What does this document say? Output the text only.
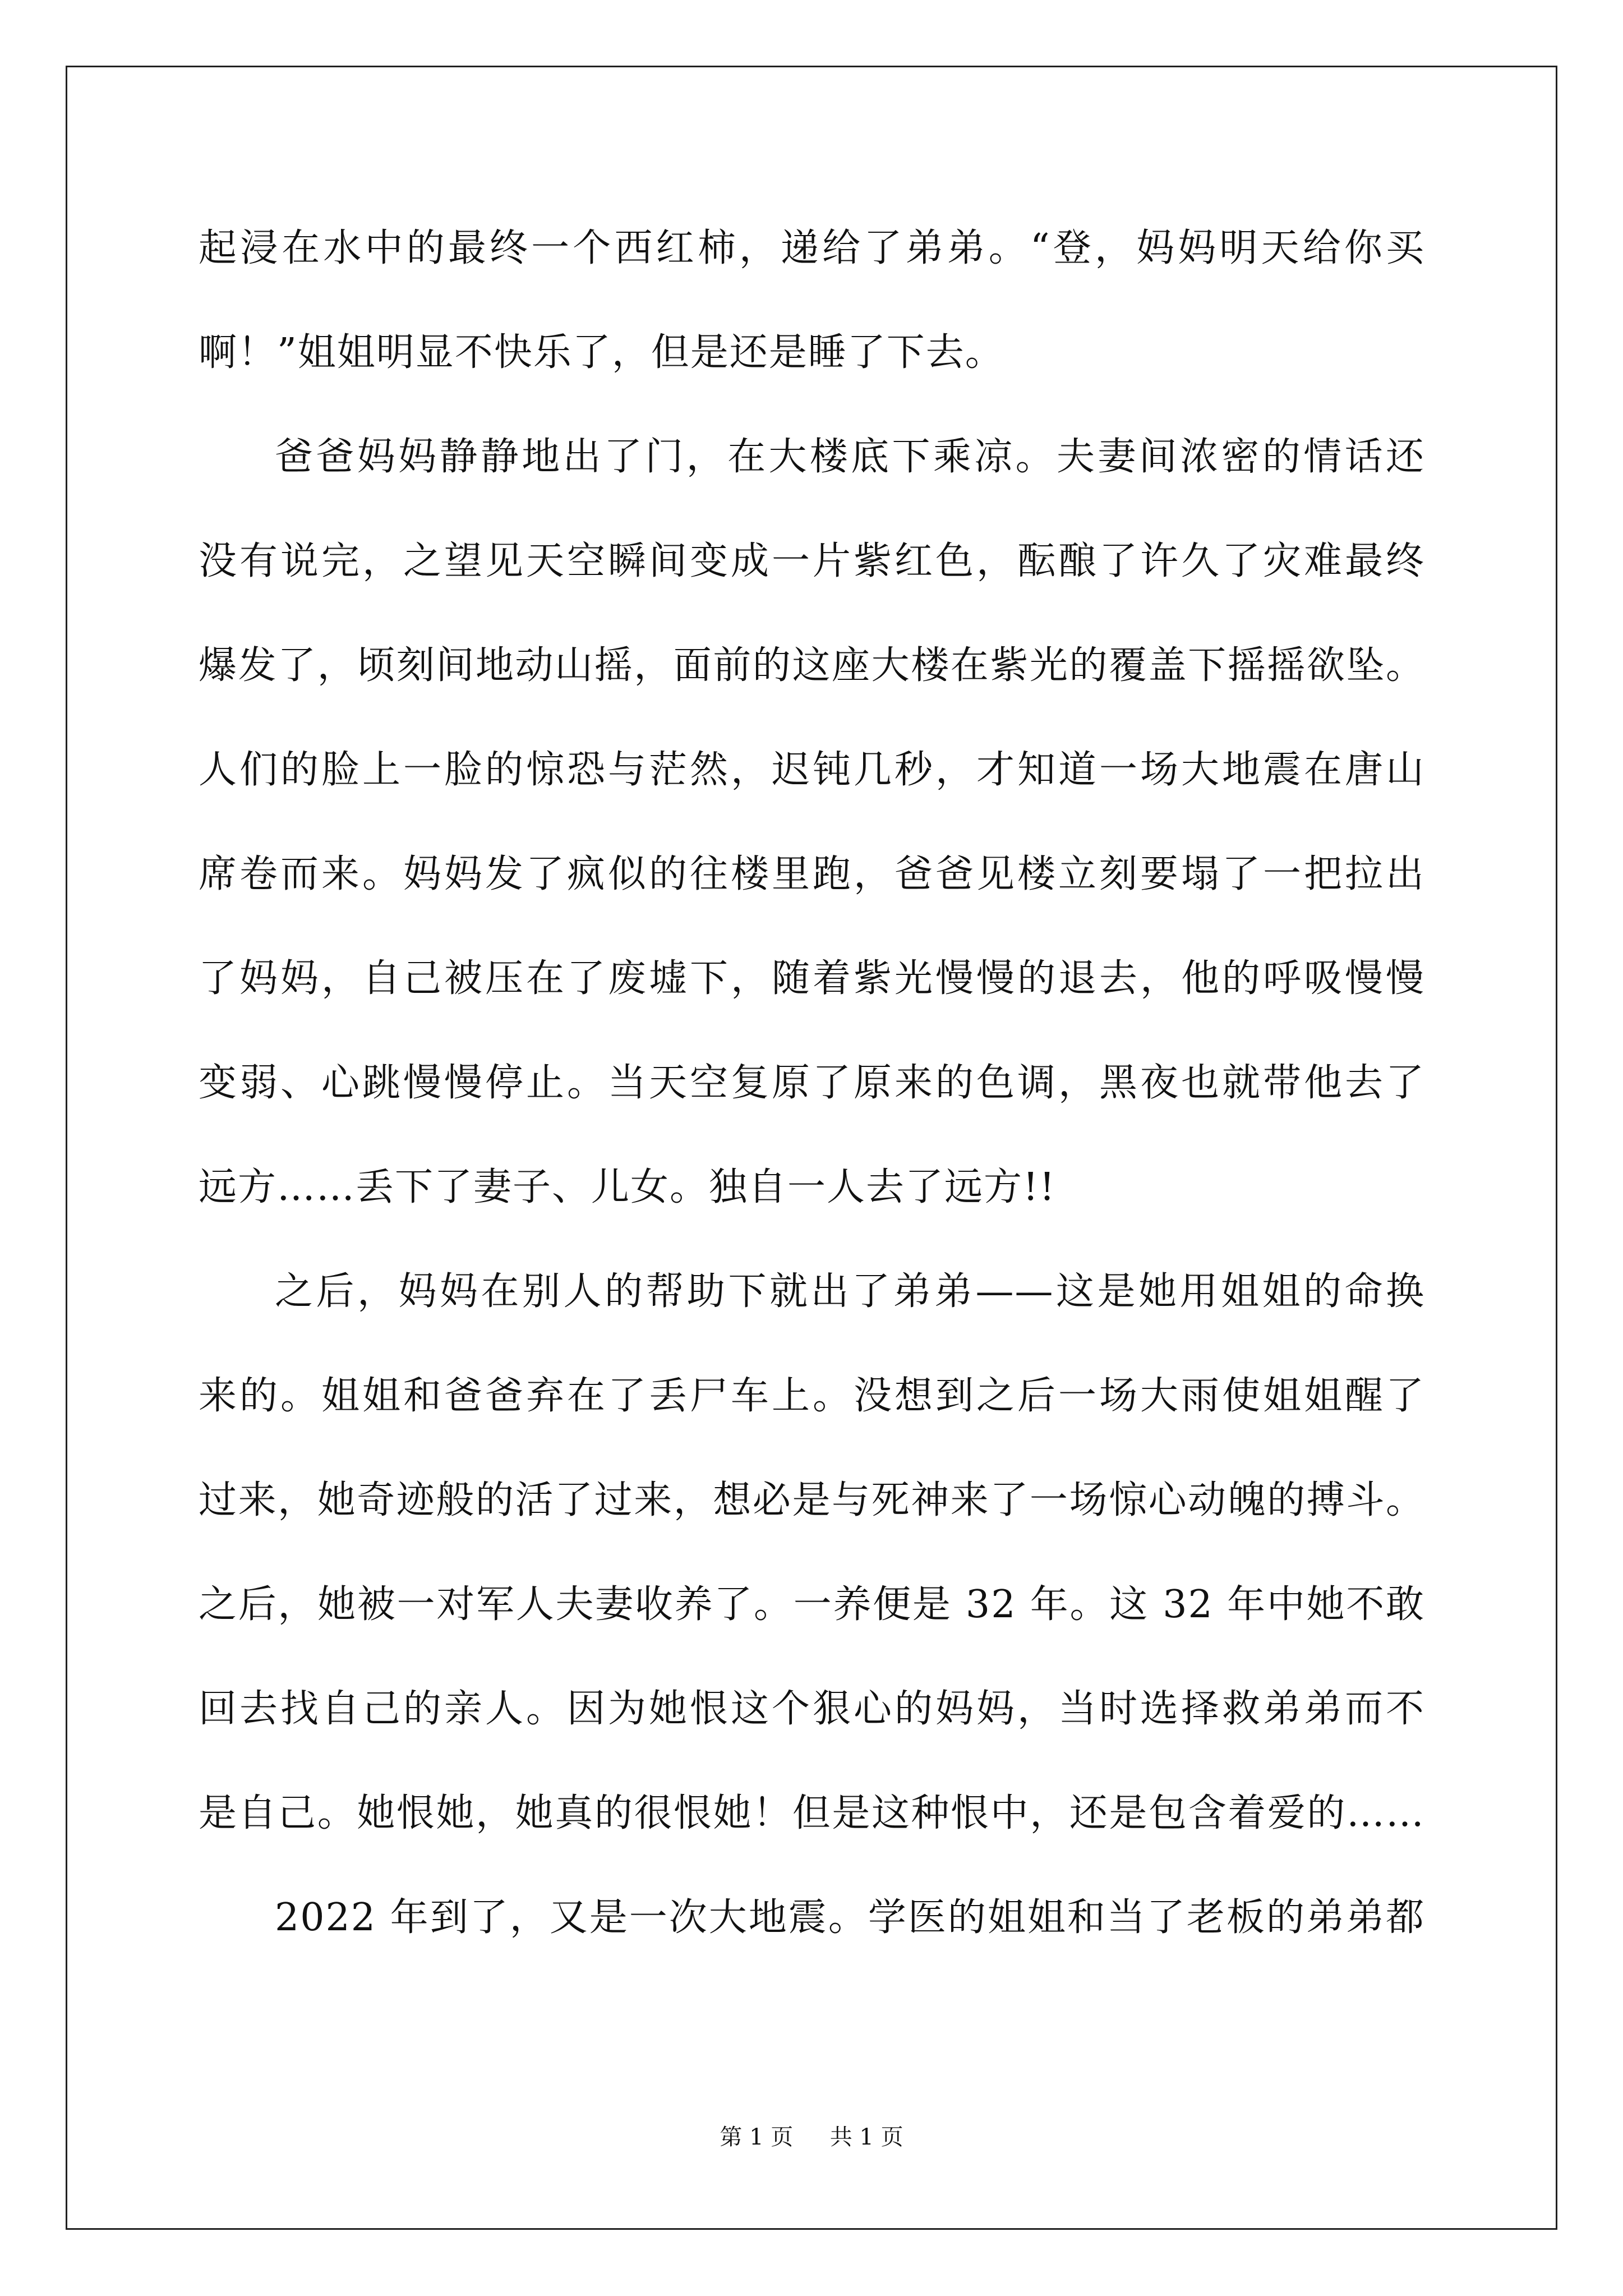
起浸在水中的最终一个西红柿，递给了弟弟。“登，妈妈明天给你买
啊！”姐姐明显不快乐了，但是还是睡了下去。
爸爸妈妈静静地出了门，在大楼底下乘凉。夫妻间浓密的情话还
没有说完，之望见天空瞬间变成一片紫红色，酝酿了许久了灾难最终
爆发了，顷刻间地动山摇，面前的这座大楼在紫光的覆盖下摇摇欲坠。
人们的脸上一脸的惊恐与茫然，迟钝几秒，才知道一场大地震在唐山
席卷而来。妈妈发了疯似的往楼里跑，爸爸见楼立刻要塌了一把拉出
了妈妈，自己被压在了废墟下，随着紫光慢慢的退去，他的呼吸慢慢
变弱、心跳慢慢停止。当天空复原了原来的色调，黑夜也就带他去了
远方……丢下了妻子、儿女。独自一人去了远方!!
之后，妈妈在别人的帮助下就出了弟弟——这是她用姐姐的命换
来的。姐姐和爸爸弃在了丢尸车上。没想到之后一场大雨使姐姐醒了
过来，她奇迹般的活了过来，想必是与死神来了一场惊心动魄的搏斗。
之后，她被一对军人夫妻收养了。一养便是 32 年。这 32 年中她不敢
回去找自己的亲人。因为她恨这个狠心的妈妈，当时选择救弟弟而不
是自己。她恨她，她真的很恨她！但是这种恨中，还是包含着爱的……
2022 年到了，又是一次大地震。学医的姐姐和当了老板的弟弟都
第 1 页 共 1 页
